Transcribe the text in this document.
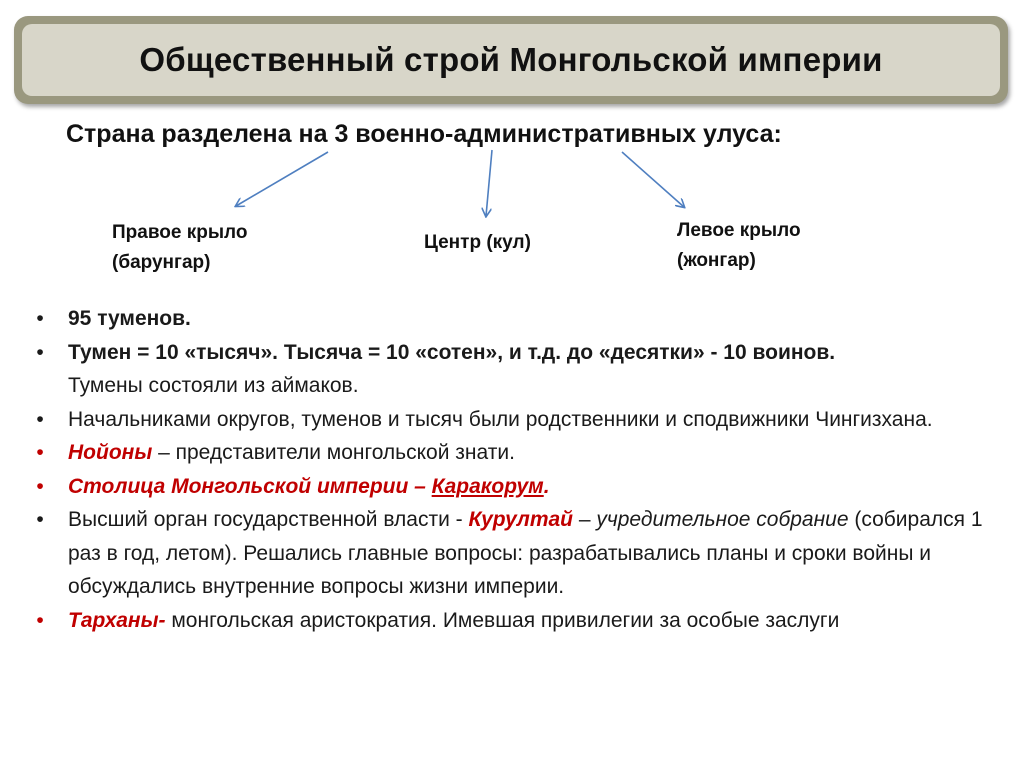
Общественный строй Монгольской империи
Страна разделена на 3 военно-административных улуса:
Правое крыло
(барунгар)
Центр (кул)
Левое крыло
(жонгар)
•	95 туменов.
•	Тумен = 10 «тысяч». Тысяча = 10 «сотен», и т.д. до «десятки» - 10 воинов.
Тумены состояли из аймаков.
•	Начальниками округов, туменов и тысяч были родственники и сподвижники Чингизхана.
•	Нойоны – представители монгольской знати.
•	Столица Монгольской империи – Каракорум.
•	Высший орган государственной власти - Курултай – учредительное собрание (собирался 1 раз в год, летом). Решались главные вопросы: разрабатывались планы и сроки войны и обсуждались внутренние вопросы жизни империи.
•	Тарханы- монгольская аристократия. Имевшая привилегии за особые заслуги
